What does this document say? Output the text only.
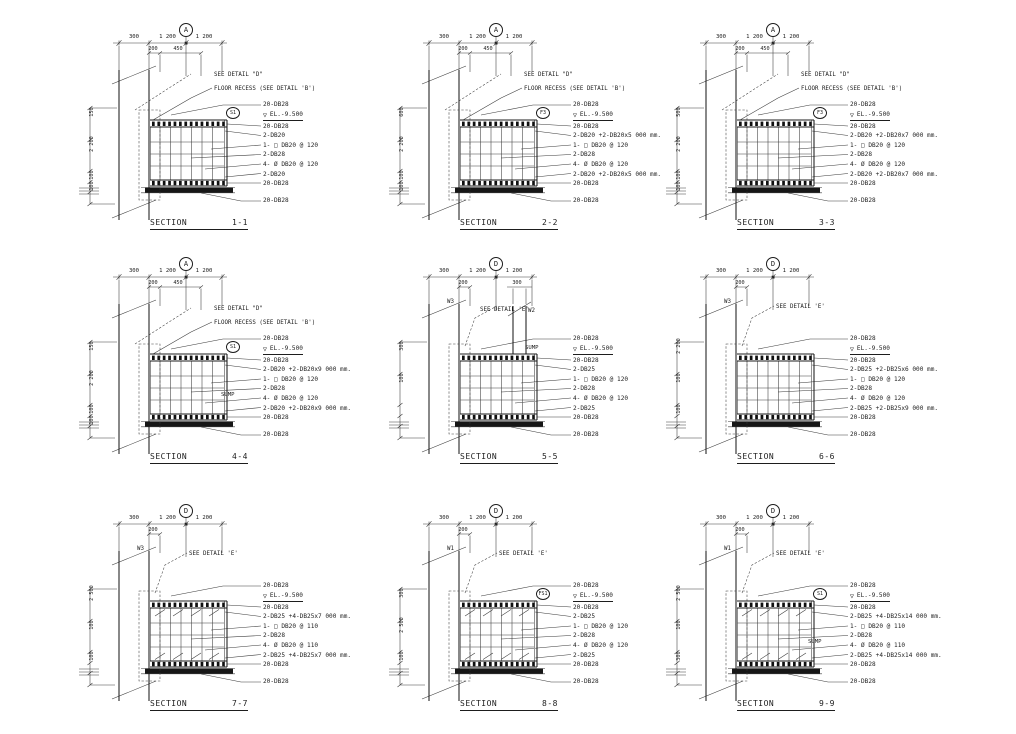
A
300	1 200	1 200
200	450
SEE DETAIL "D"
FLOOR RECESS (SEE DETAIL 'B')
S1
20-DB28
▽ EL.-9.500
20-DB28
2-DB20
1- □ DB20 @ 120
2-DB28
4- Ø DB20 @ 120
2-DB20
20-DB28
20-DB28
150
2 200
100
100
SECTION	1-1
A
300	1 200	1 200
200	450
SEE DETAIL "D"
FLOOR RECESS (SEE DETAIL 'B')
F3
20-DB28
▽ EL.-9.500
20-DB28
2-DB20 +2-DB20x5 000 mm.
1- □ DB20 @ 120
2-DB28
4- Ø DB20 @ 120
2-DB20 +2-DB20x5 000 mm.
20-DB28
20-DB28
600
2 200
100
100
SECTION	2-2
A
300	1 200	1 200
200	450
SEE DETAIL "D"
FLOOR RECESS (SEE DETAIL 'B')
F3
20-DB28
▽ EL.-9.500
20-DB28
2-DB20 +2-DB20x7 000 mm.
1- □ DB20 @ 120
2-DB28
4- Ø DB20 @ 120
2-DB20 +2-DB20x7 000 mm.
20-DB28
20-DB28
500
2 200
100
100
SECTION	3-3
A
300	1 200	1 200
200	450
SEE DETAIL "D"
FLOOR RECESS (SEE DETAIL 'B')
S1
SUMP
20-DB28
▽ EL.-9.500
20-DB28
2-DB20 +2-DB20x9 000 mm.
1- □ DB20 @ 120
2-DB28
4- Ø DB20 @ 120
2-DB20 +2-DB20x9 000 mm.
20-DB28
20-DB28
150
2 200
100
100
SECTION	4-4
D
300	1 200	1 200
200	300
W3
W2
SEE DETAIL 'E'
SUMP
20-DB28
▽ EL.-9.500
20-DB28
2-DB25
1- □ DB20 @ 120
2-DB28
4- Ø DB20 @ 120
2-DB25
20-DB28
20-DB28
300
100
SECTION	5-5
D
300	1 200	1 200
200
W3
SEE DETAIL 'E'
20-DB28
▽ EL.-9.500
20-DB28
2-DB25 +2-DB25x6 000 mm.
1- □ DB20 @ 120
2-DB28
4- Ø DB20 @ 120
2-DB25 +2-DB25x9 000 mm.
20-DB28
20-DB28
2 200
100
100
SECTION	6-6
D
300	1 200	1 200
200
W3
SEE DETAIL 'E'
20-DB28
▽ EL.-9.500
20-DB28
2-DB25 +4-DB25x7 000 mm.
1- □ DB20 @ 110
2-DB28
4- Ø DB20 @ 110
2-DB25 +4-DB25x7 000 mm.
20-DB28
20-DB28
2 500
100
100
SECTION	7-7
D
300	1 200	1 200
200
W1
SEE DETAIL 'E'
FS1
20-DB28
▽ EL.-9.500
20-DB28
2-DB25
1- □ DB20 @ 120
2-DB28
4- Ø DB20 @ 120
2-DB25
20-DB28
20-DB28
300
2 500
100
SECTION	8-8
D
300	1 200	1 200
200
W1
SEE DETAIL 'E'
S1
SUMP
20-DB28
▽ EL.-9.500
20-DB28
2-DB25 +4-DB25x14 000 mm.
1- □ DB20 @ 110
2-DB28
4- Ø DB20 @ 110
2-DB25 +4-DB25x14 000 mm.
20-DB28
20-DB28
2 500
100
300
SECTION	9-9
